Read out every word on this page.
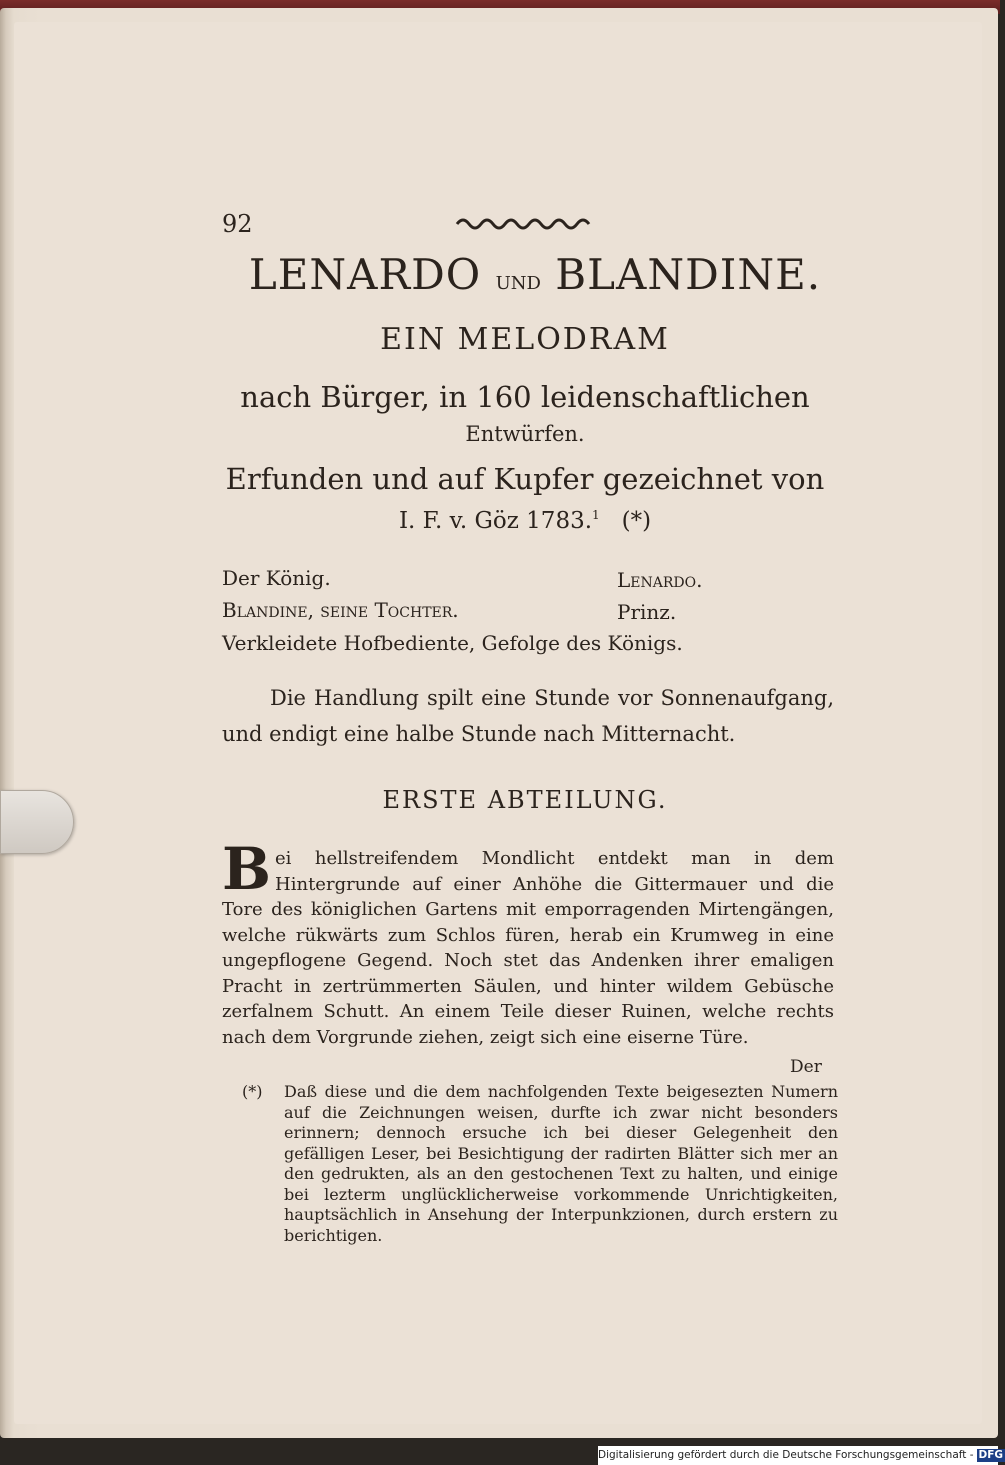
92
LENARDO UND BLANDINE.
EIN MELODRAM
nach Bürger, in 160 leidenschaftlichen
Entwürfen.
Erfunden und auf Kupfer gezeichnet von
I. F. v. Göz 1783.$^1$ (*)
Der König.	Lenardo.
Blandine, seine Tochter.	Prinz.
Verkleidete Hofbediente, Gefolge des Königs.
Die Handlung spilt eine Stunde vor Sonnenaufgang, und endigt eine halbe Stunde nach Mitternacht.
ERSTE ABTEILUNG.
Bei hellstreifendem Mondlicht entdekt man in dem Hintergrunde auf einer Anhöhe die Gittermauer und die Tore des königlichen Gartens mit emporragenden Mirtengängen, welche rükwärts zum Schlos füren, herab ein Krumweg in eine ungepflogene Gegend. Noch stet das Andenken ihrer emaligen Pracht in zertrümmerten Säulen, und hinter wildem Gebüsche zerfalnem Schutt. An einem Teile dieser Ruinen, welche rechts nach dem Vorgrunde ziehen, zeigt sich eine eiserne Türe.
Der
(*) Daß diese und die dem nachfolgenden Texte beigesezten Numern auf die Zeichnungen weisen, durfte ich zwar nicht besonders erinnern; dennoch ersuche ich bei dieser Gelegenheit den gefälligen Leser, bei Besichtigung der radirten Blätter sich mer an den gedrukten, als an den gestochenen Text zu halten, und einige bei lezterm unglücklicherweise vorkommende Unrichtigkeiten, hauptsächlich in Ansehung der Interpunkzionen, durch erstern zu berichtigen.
Digitalisierung gefördert durch die Deutsche Forschungsgemeinschaft - DFG
